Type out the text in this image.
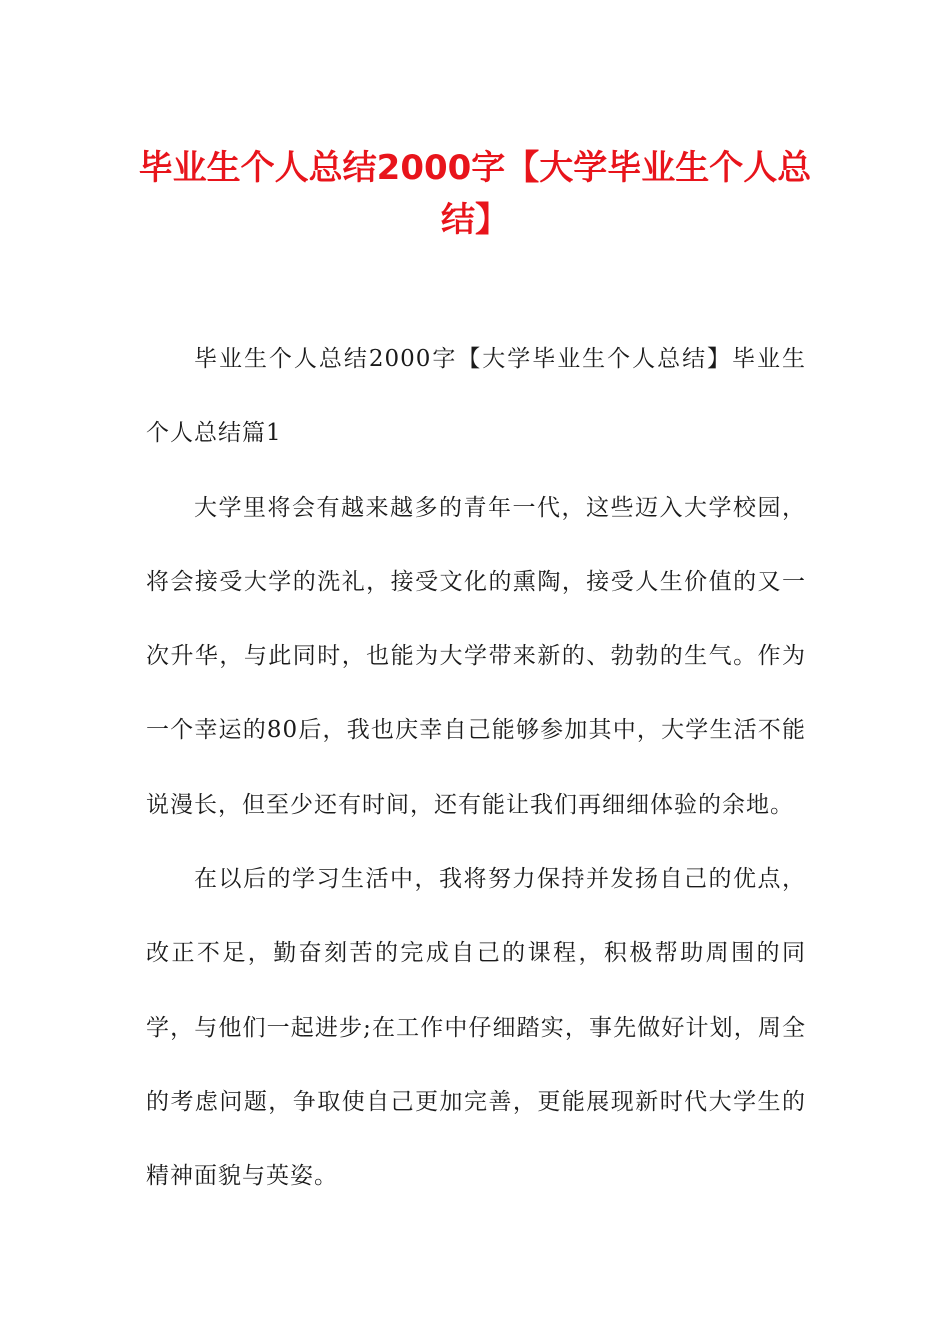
毕业生个人总结2000字【大学毕业生个人总结】

毕业生个人总结2000字【大学毕业生个人总结】毕业生个人总结篇1

大学里将会有越来越多的青年一代，这些迈入大学校园，将会接受大学的洗礼，接受文化的熏陶，接受人生价值的又一次升华，与此同时，也能为大学带来新的、勃勃的生气。作为一个幸运的80后，我也庆幸自己能够参加其中，大学生活不能说漫长，但至少还有时间，还有能让我们再细细体验的余地。

在以后的学习生活中，我将努力保持并发扬自己的优点，改正不足，勤奋刻苦的完成自己的课程，积极帮助周围的同学，与他们一起进步;在工作中仔细踏实，事先做好计划，周全的考虑问题，争取使自己更加完善，更能展现新时代大学生的精神面貌与英姿。
